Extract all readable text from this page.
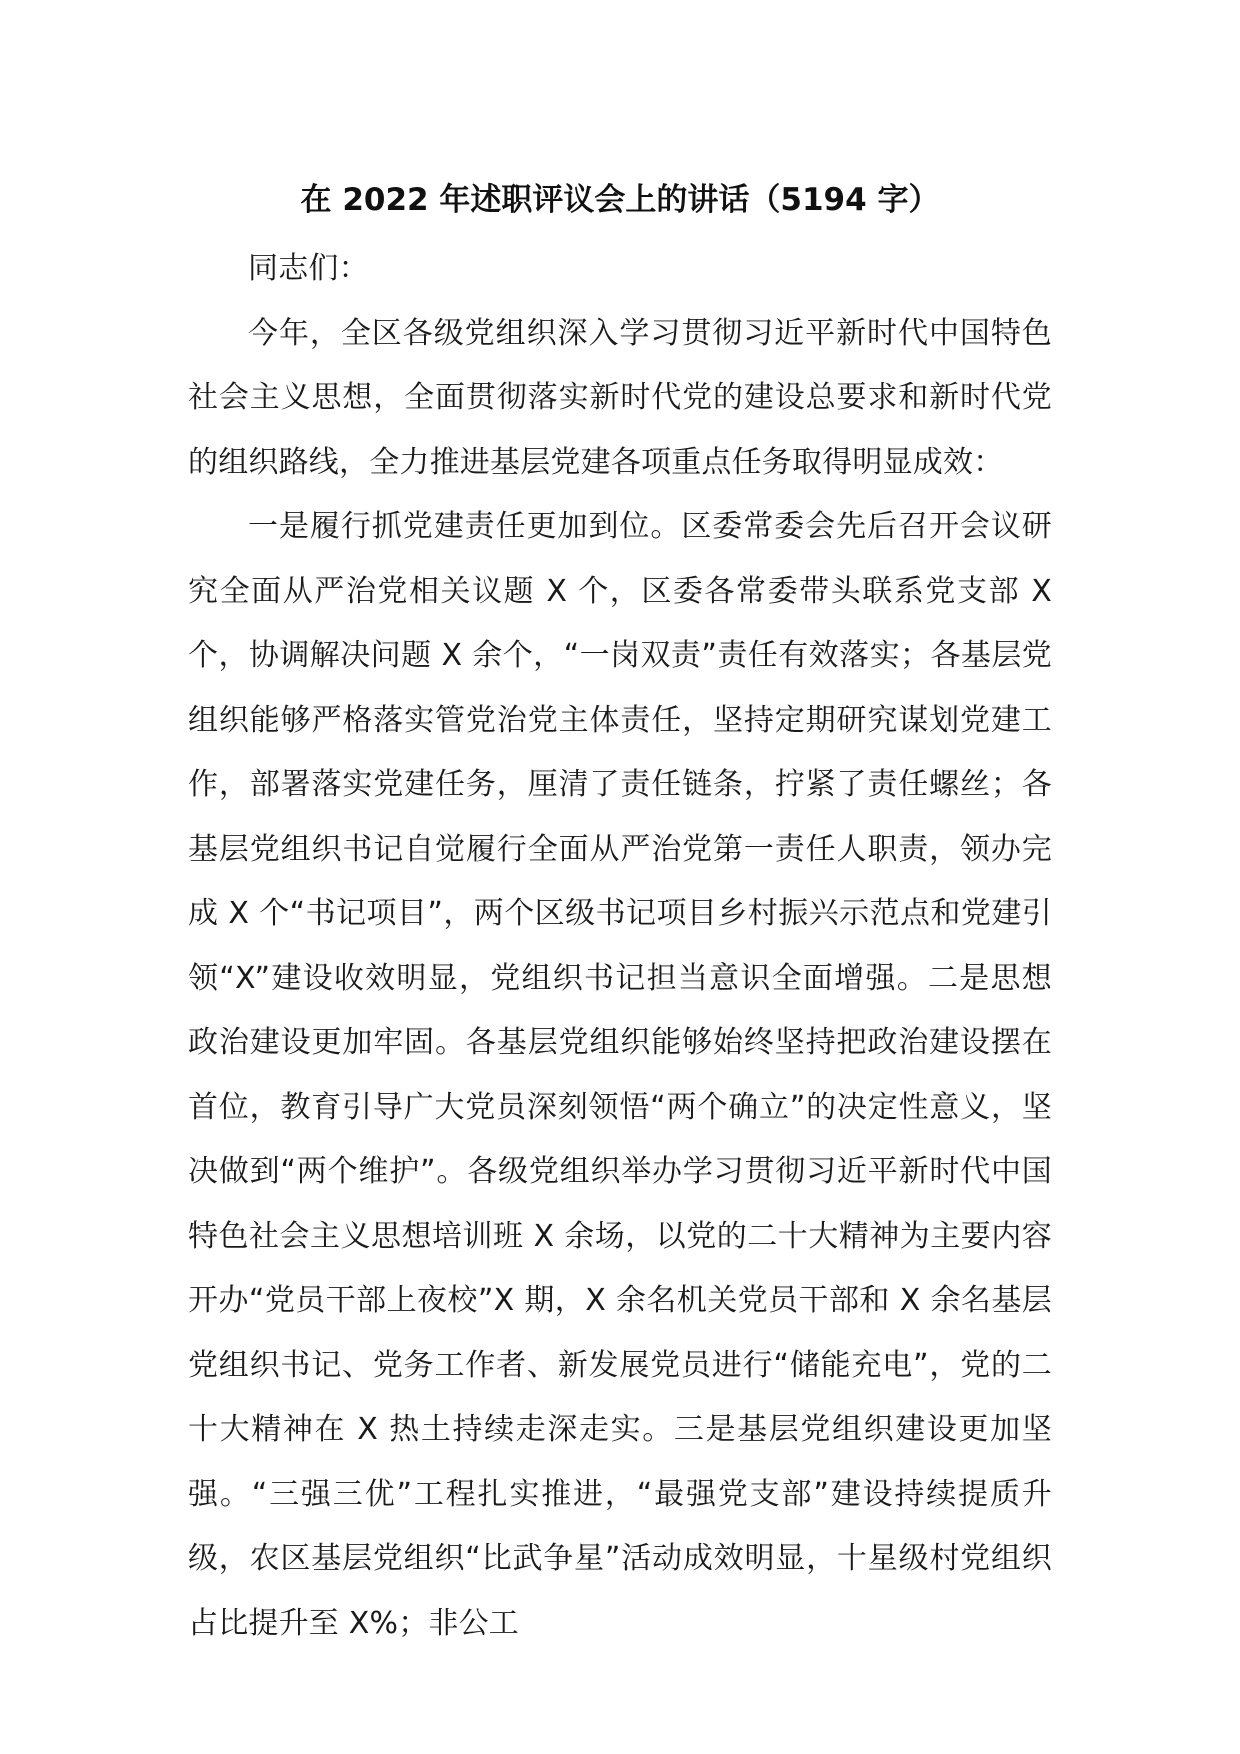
在 2022 年述职评议会上的讲话（5194 字）

同志们：

今年，全区各级党组织深入学习贯彻习近平新时代中国特色社会主义思想，全面贯彻落实新时代党的建设总要求和新时代党的组织路线，全力推进基层党建各项重点任务取得明显成效：

一是履行抓党建责任更加到位。区委常委会先后召开会议研究全面从严治党相关议题 X 个，区委各常委带头联系党支部 X 个，协调解决问题 X 余个，“一岗双责”责任有效落实；各基层党组织能够严格落实管党治党主体责任，坚持定期研究谋划党建工作，部署落实党建任务，厘清了责任链条，拧紧了责任螺丝；各基层党组织书记自觉履行全面从严治党第一责任人职责，领办完成 X 个“书记项目”，两个区级书记项目乡村振兴示范点和党建引领“X”建设收效明显，党组织书记担当意识全面增强。二是思想政治建设更加牢固。各基层党组织能够始终坚持把政治建设摆在首位，教育引导广大党员深刻领悟“两个确立”的决定性意义，坚决做到“两个维护”。各级党组织举办学习贯彻习近平新时代中国特色社会主义思想培训班 X 余场，以党的二十大精神为主要内容开办“党员干部上夜校”X 期，X 余名机关党员干部和 X 余名基层党组织书记、党务工作者、新发展党员进行“储能充电”，党的二十大精神在 X 热土持续走深走实。三是基层党组织建设更加坚强。“三强三优”工程扎实推进，“最强党支部”建设持续提质升级，农区基层党组织“比武争星”活动成效明显，十星级村党组织占比提升至 X%；非公工
